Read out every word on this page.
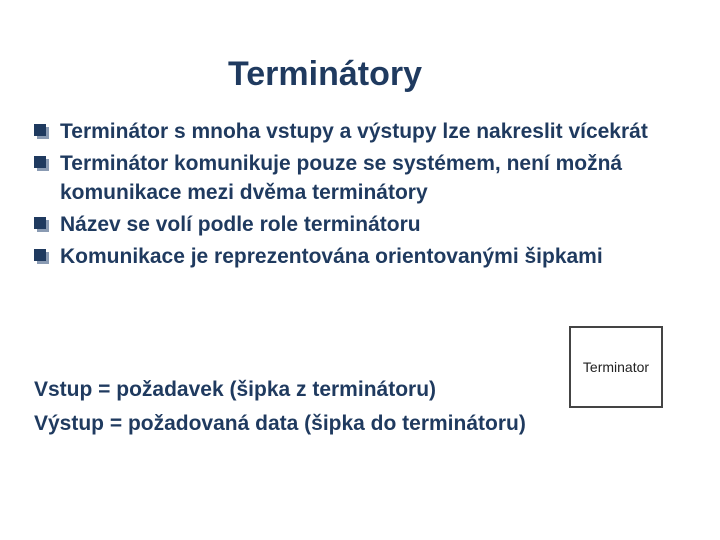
Terminátory
Terminátor s mnoha vstupy a výstupy lze nakreslit vícekrát
Terminátor komunikuje pouze se systémem, není možná komunikace mezi dvěma terminátory
Název se volí podle role terminátoru
Komunikace je reprezentována orientovanými šipkami
Terminator
Vstup = požadavek (šipka z terminátoru)
Výstup = požadovaná data (šipka do terminátoru)
